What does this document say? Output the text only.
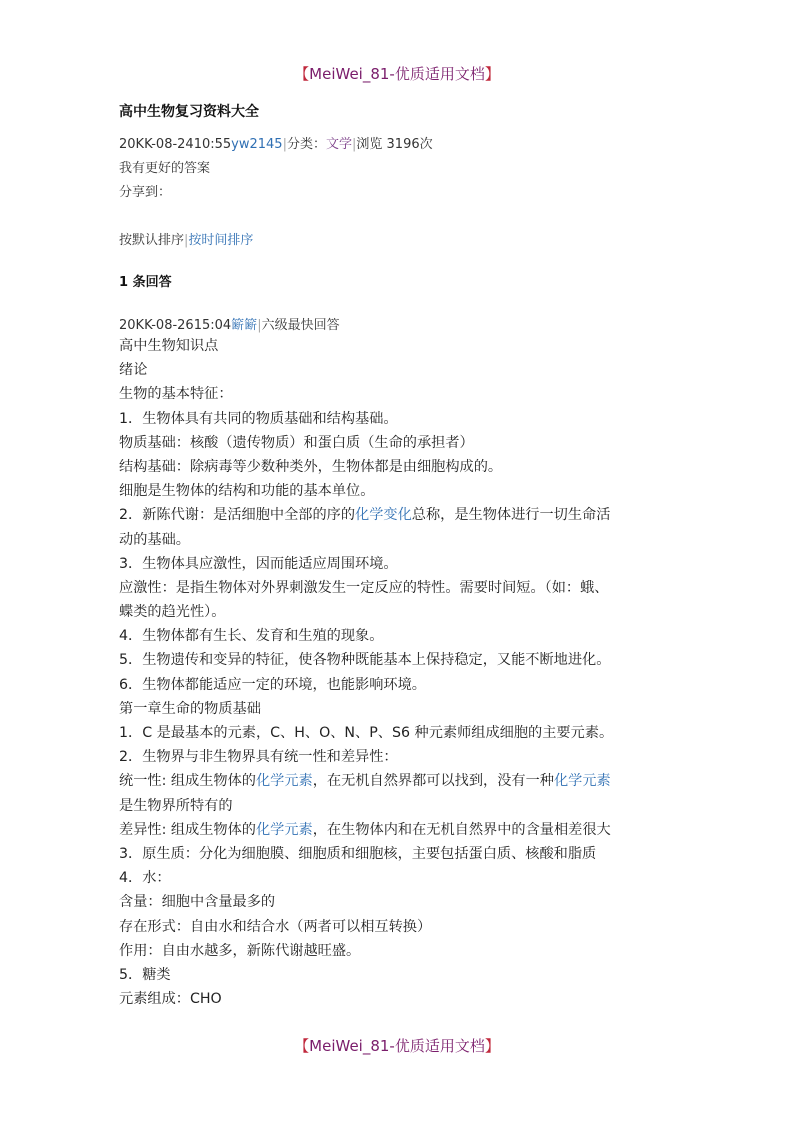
【MeiWei_81-优质适用文档】
高中生物复习资料大全
20KK-08-2410:55yw2145|分类：文学|浏览 3196次
我有更好的答案
分享到：
按默认排序|按时间排序
1 条回答
20KK-08-2615:04簖簖|六级最快回答
高中生物知识点
绪论
生物的基本特征：
1．生物体具有共同的物质基础和结构基础。
物质基础：核酸（遗传物质）和蛋白质（生命的承担者）
结构基础：除病毒等少数种类外，生物体都是由细胞构成的。
细胞是生物体的结构和功能的基本单位。
2．新陈代谢：是活细胞中全部的序的化学变化总称，是生物体进行一切生命活
动的基础。
3．生物体具应激性，因而能适应周围环境。
应激性：是指生物体对外界刺激发生一定反应的特性。需要时间短。（如：蛾、
蝶类的趋光性）。
4．生物体都有生长、发育和生殖的现象。
5．生物遗传和变异的特征，使各物种既能基本上保持稳定，又能不断地进化。
6．生物体都能适应一定的环境，也能影响环境。
第一章生命的物质基础
1．C 是最基本的元素，C、H、O、N、P、S6 种元素师组成细胞的主要元素。
2．生物界与非生物界具有统一性和差异性：
统一性: 组成生物体的化学元素，在无机自然界都可以找到，没有一种化学元素
是生物界所特有的
差异性: 组成生物体的化学元素，在生物体内和在无机自然界中的含量相差很大
3．原生质：分化为细胞膜、细胞质和细胞核，主要包括蛋白质、核酸和脂质
4．水：
含量：细胞中含量最多的
存在形式：自由水和结合水（两者可以相互转换）
作用：自由水越多，新陈代谢越旺盛。
5．糖类
元素组成：CHO
【MeiWei_81-优质适用文档】
